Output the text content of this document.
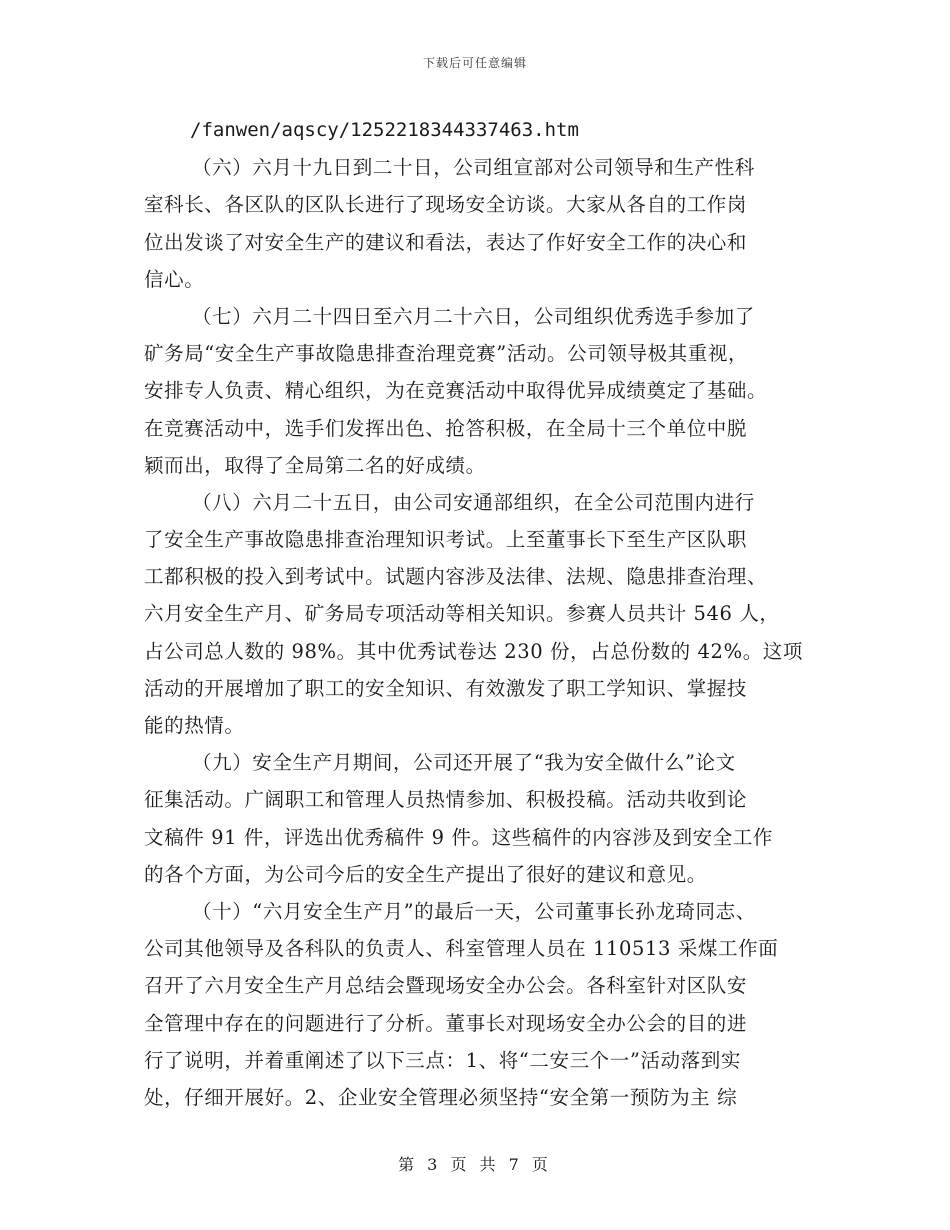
下载后可任意编辑
/fanwen/aqscy/1252218344337463.htm
（六）六月十九日到二十日，公司组宣部对公司领导和生产性科
室科长、各区队的区队长进行了现场安全访谈。大家从各自的工作岗
位出发谈了对安全生产的建议和看法，表达了作好安全工作的决心和
信心。
（七）六月二十四日至六月二十六日，公司组织优秀选手参加了
矿务局“安全生产事故隐患排查治理竞赛”活动。公司领导极其重视，
安排专人负责、精心组织，为在竞赛活动中取得优异成绩奠定了基础。
在竞赛活动中，选手们发挥出色、抢答积极，在全局十三个单位中脱
颖而出，取得了全局第二名的好成绩。
（八）六月二十五日，由公司安通部组织，在全公司范围内进行
了安全生产事故隐患排查治理知识考试。上至董事长下至生产区队职
工都积极的投入到考试中。试题内容涉及法律、法规、隐患排查治理、
六月安全生产月、矿务局专项活动等相关知识。参赛人员共计 546 人，
占公司总人数的 98%。其中优秀试卷达 230 份，占总份数的 42%。这项
活动的开展增加了职工的安全知识、有效激发了职工学知识、掌握技
能的热情。
（九）安全生产月期间，公司还开展了“我为安全做什么”论文
征集活动。广阔职工和管理人员热情参加、积极投稿。活动共收到论
文稿件 91 件，评选出优秀稿件 9 件。这些稿件的内容涉及到安全工作
的各个方面，为公司今后的安全生产提出了很好的建议和意见。
（十）“六月安全生产月”的最后一天，公司董事长孙龙琦同志、
公司其他领导及各科队的负责人、科室管理人员在 110513 采煤工作面
召开了六月安全生产月总结会暨现场安全办公会。各科室针对区队安
全管理中存在的问题进行了分析。董事长对现场安全办公会的目的进
行了说明，并着重阐述了以下三点：1、将“二安三个一”活动落到实
处，仔细开展好。2、企业安全管理必须坚持“安全第一预防为主 综
第 3 页 共 7 页
